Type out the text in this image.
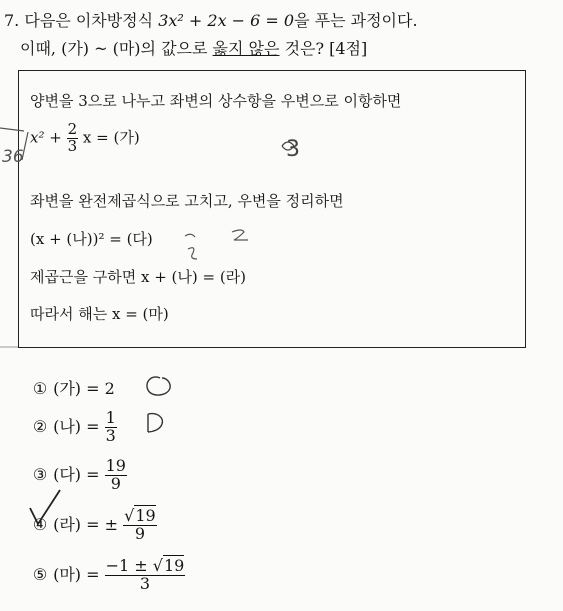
7. 다음은 이차방정식 3x² + 2x − 6 = 0을 푸는 과정이다.
이때, (가) ~ (마)의 값으로 옳지 않은 것은? [4점]
양변을 3으로 나누고 좌변의 상수항을 우변으로 이항하면
$x^2 + \frac{2}{3}$ x = (가)
좌변을 완전제곱식으로 고치고, 우변을 정리하면
(x + (나))² = (다)
제곱근을 구하면 x + (나) = (라)
따라서 해는 x = (마)
① (가) = 2
② (나) = $\frac{1}{3}$
③ (다) = $\frac{19}{9}$
④ (라) = ± $\frac{√19}{9}$
⑤ (마) = $\frac{-1 \pm √19}{3}$
36	3
